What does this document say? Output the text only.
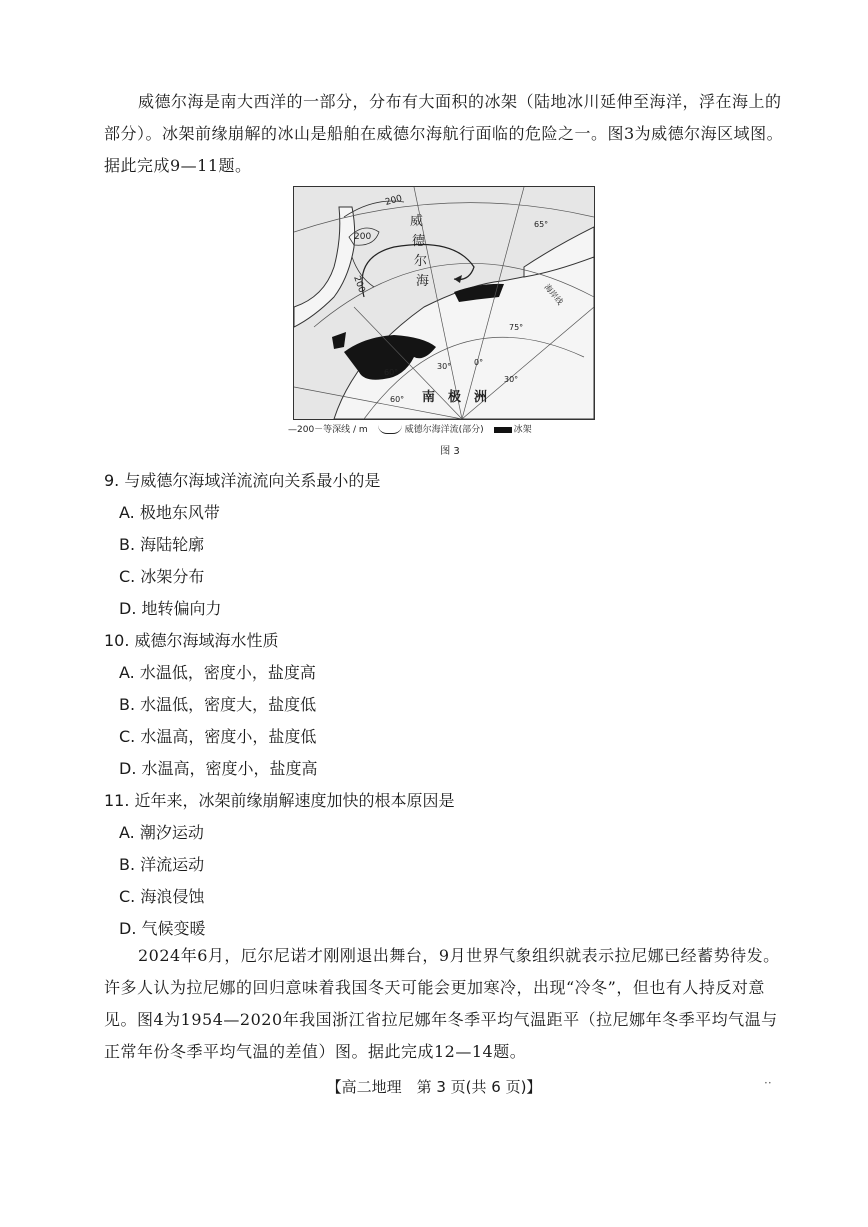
威德尔海是南大西洋的一部分，分布有大面积的冰架（陆地冰川延伸至海洋，浮在海上的部分）。冰架前缘崩解的冰山是船舶在威德尔海航行面临的危险之一。图3为威德尔海区域图。据此完成9—11题。
200
200
200
威
德
尔
海
海岸线
65°
75°
60°
30°	0°
30°
60° 南　极　洲
—200－等深线 / m	威德尔海洋流(部分)	冰架
图 3
9. 与威德尔海域洋流流向关系最小的是
A. 极地东风带
B. 海陆轮廓
C. 冰架分布
D. 地转偏向力
10. 威德尔海域海水性质
A. 水温低，密度小，盐度高
B. 水温低，密度大，盐度低
C. 水温高，密度小，盐度低
D. 水温高，密度小，盐度高
11. 近年来，冰架前缘崩解速度加快的根本原因是
A. 潮汐运动
B. 洋流运动
C. 海浪侵蚀
D. 气候变暖
2024年6月，厄尔尼诺才刚刚退出舞台，9月世界气象组织就表示拉尼娜已经蓄势待发。许多人认为拉尼娜的回归意味着我国冬天可能会更加寒冷，出现“冷冬”，但也有人持反对意见。图4为1954—2020年我国浙江省拉尼娜年冬季平均气温距平（拉尼娜年冬季平均气温与正常年份冬季平均气温的差值）图。据此完成12—14题。
【高二地理　第 3 页(共 6 页)】	··
